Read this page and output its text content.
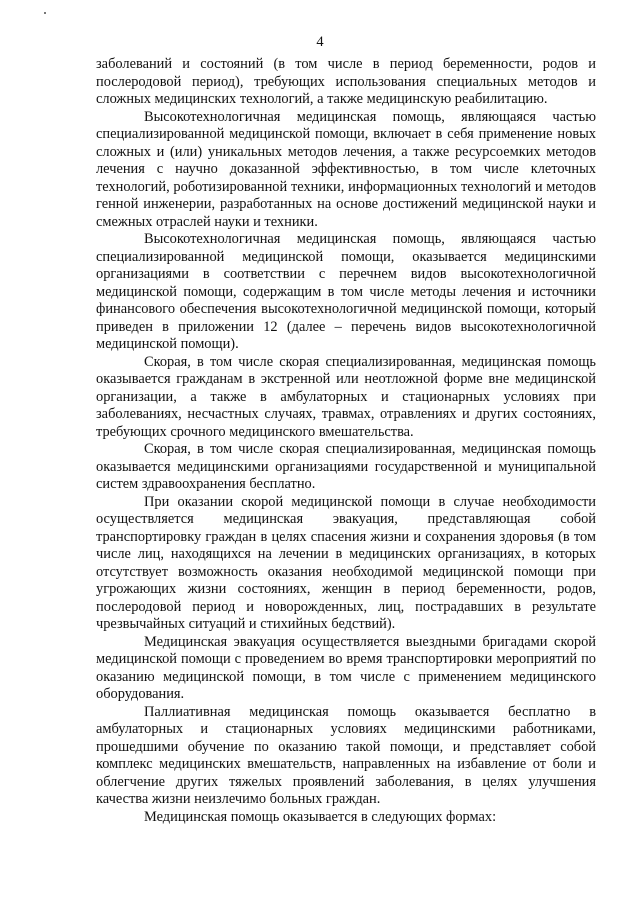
4

заболеваний и состояний (в том числе в период беременности, родов и послеродовой период), требующих использования специальных методов и сложных медицинских технологий, а также медицинскую реабилитацию.

Высокотехнологичная медицинская помощь, являющаяся частью специализированной медицинской помощи, включает в себя применение новых сложных и (или) уникальных методов лечения, а также ресурсоемких методов лечения с научно доказанной эффективностью, в том числе клеточных технологий, роботизированной техники, информационных технологий и методов генной инженерии, разработанных на основе достижений медицинской науки и смежных отраслей науки и техники.

Высокотехнологичная медицинская помощь, являющаяся частью специализированной медицинской помощи, оказывается медицинскими организациями в соответствии с перечнем видов высокотехнологичной медицинской помощи, содержащим в том числе методы лечения и источники финансового обеспечения высокотехнологичной медицинской помощи, который приведен в приложении 12 (далее – перечень видов высокотехнологичной медицинской помощи).

Скорая, в том числе скорая специализированная, медицинская помощь оказывается гражданам в экстренной или неотложной форме вне медицинской организации, а также в амбулаторных и стационарных условиях при заболеваниях, несчастных случаях, травмах, отравлениях и других состояниях, требующих срочного медицинского вмешательства.

Скорая, в том числе скорая специализированная, медицинская помощь оказывается медицинскими организациями государственной и муниципальной систем здравоохранения бесплатно.

При оказании скорой медицинской помощи в случае необходимости осуществляется медицинская эвакуация, представляющая собой транспортировку граждан в целях спасения жизни и сохранения здоровья (в том числе лиц, находящихся на лечении в медицинских организациях, в которых отсутствует возможность оказания необходимой медицинской помощи при угрожающих жизни состояниях, женщин в период беременности, родов, послеродовой период и новорожденных, лиц, пострадавших в результате чрезвычайных ситуаций и стихийных бедствий).

Медицинская эвакуация осуществляется выездными бригадами скорой медицинской помощи с проведением во время транспортировки мероприятий по оказанию медицинской помощи, в том числе с применением медицинского оборудования.

Паллиативная медицинская помощь оказывается бесплатно в амбулаторных и стационарных условиях медицинскими работниками, прошедшими обучение по оказанию такой помощи, и представляет собой комплекс медицинских вмешательств, направленных на избавление от боли и облегчение других тяжелых проявлений заболевания, в целях улучшения качества жизни неизлечимо больных граждан.

Медицинская помощь оказывается в следующих формах:
